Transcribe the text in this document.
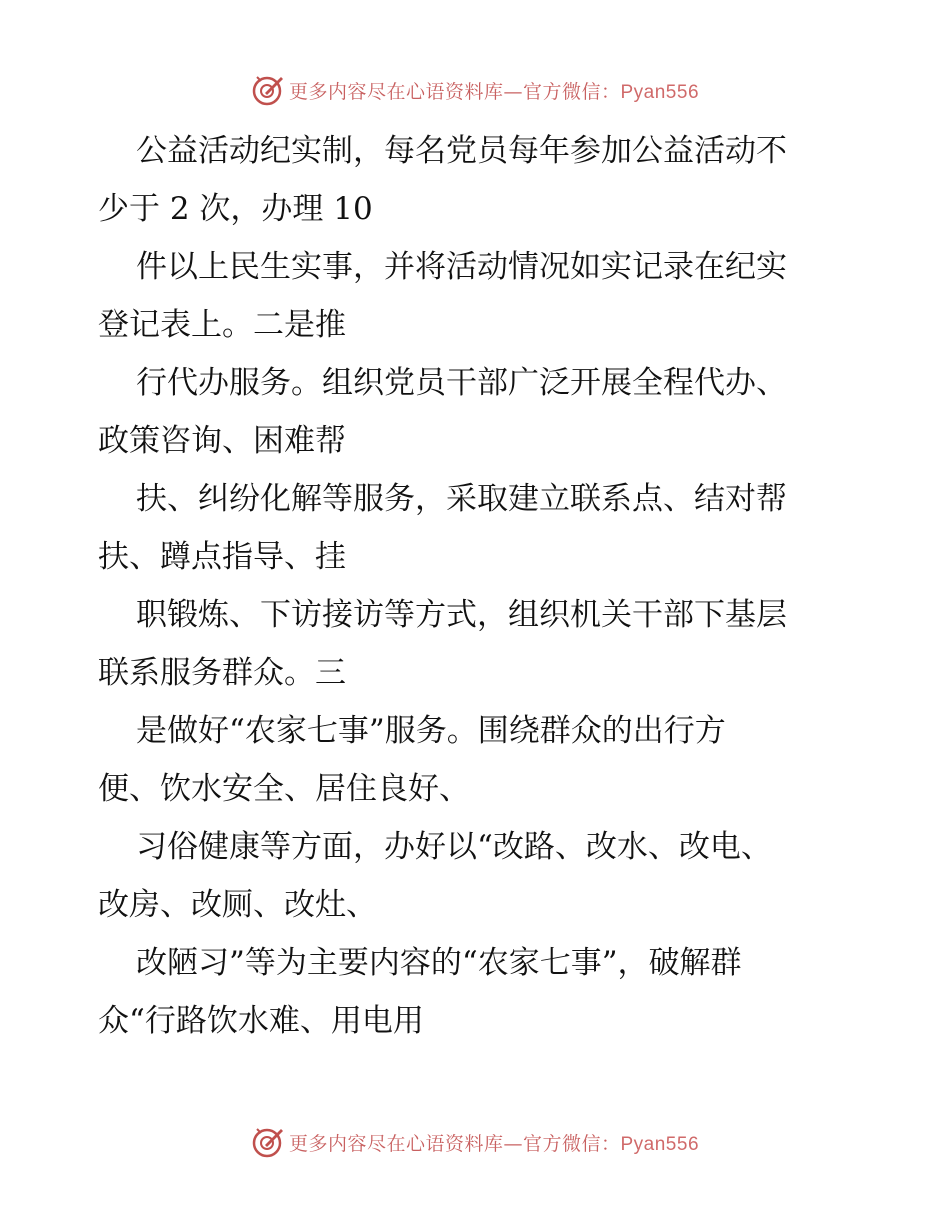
更多内容尽在心语资料库—官方微信：Pyan556
公益活动纪实制，每名党员每年参加公益活动不
少于 2 次，办理 10
件以上民生实事，并将活动情况如实记录在纪实
登记表上。二是推
行代办服务。组织党员干部广泛开展全程代办、
政策咨询、困难帮
扶、纠纷化解等服务，采取建立联系点、结对帮
扶、蹲点指导、挂
职锻炼、下访接访等方式，组织机关干部下基层
联系服务群众。三
是做好“农家七事”服务。围绕群众的出行方
便、饮水安全、居住良好、
习俗健康等方面，办好以“改路、改水、改电、
改房、改厕、改灶、
改陋习”等为主要内容的“农家七事”，破解群
众“行路饮水难、用电用
更多内容尽在心语资料库—官方微信：Pyan556
